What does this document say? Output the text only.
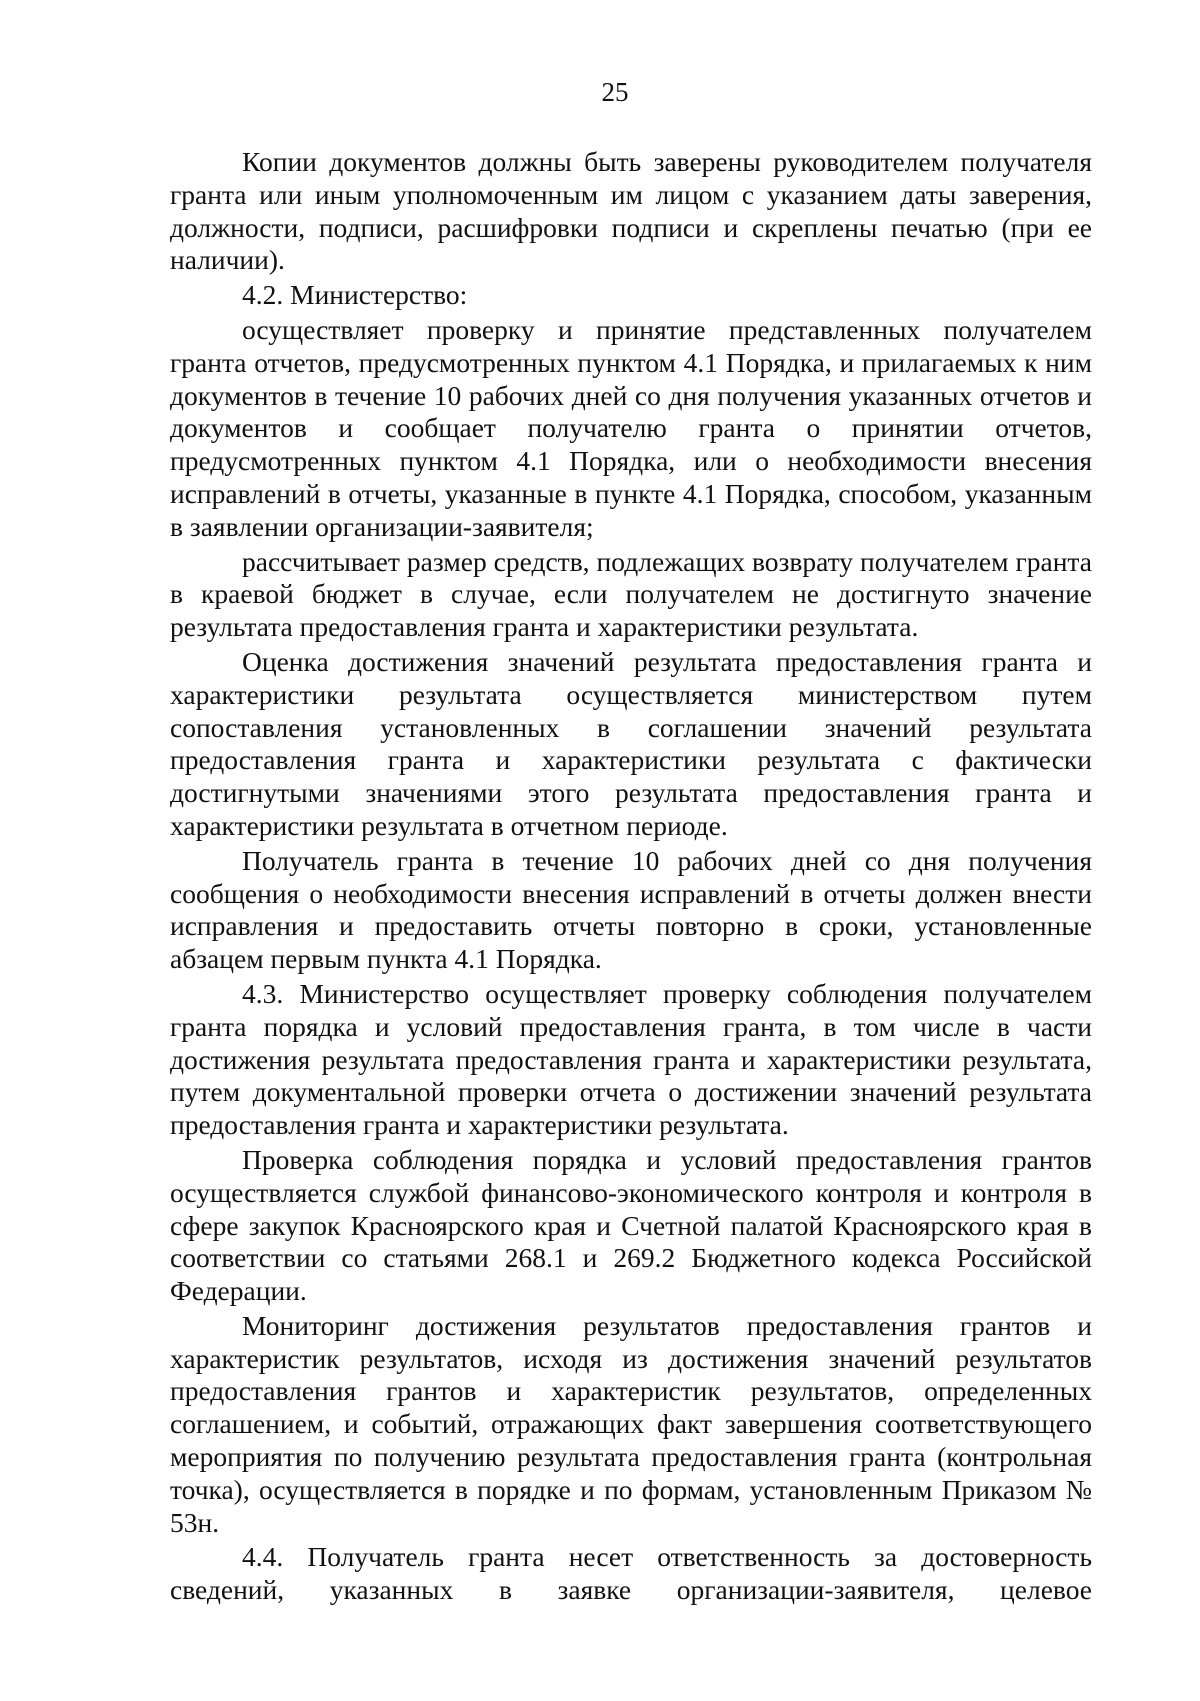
25

Копии документов должны быть заверены руководителем получателя гранта или иным уполномоченным им лицом с указанием даты заверения, должности, подписи, расшифровки подписи и скреплены печатью (при ее наличии).

4.2. Министерство:

осуществляет проверку и принятие представленных получателем гранта отчетов, предусмотренных пунктом 4.1 Порядка, и прилагаемых к ним документов в течение 10 рабочих дней со дня получения указанных отчетов и документов и сообщает получателю гранта о принятии отчетов, предусмотренных пунктом 4.1 Порядка, или о необходимости внесения исправлений в отчеты, указанные в пункте 4.1 Порядка, способом, указанным в заявлении организации-заявителя;

рассчитывает размер средств, подлежащих возврату получателем гранта в краевой бюджет в случае, если получателем не достигнуто значение результата предоставления гранта и характеристики результата.

Оценка достижения значений результата предоставления гранта и характеристики результата осуществляется министерством путем сопоставления установленных в соглашении значений результата предоставления гранта и характеристики результата с фактически достигнутыми значениями этого результата предоставления гранта и характеристики результата в отчетном периоде.

Получатель гранта в течение 10 рабочих дней со дня получения сообщения о необходимости внесения исправлений в отчеты должен внести исправления и предоставить отчеты повторно в сроки, установленные абзацем первым пункта 4.1 Порядка.

4.3. Министерство осуществляет проверку соблюдения получателем гранта порядка и условий предоставления гранта, в том числе в части достижения результата предоставления гранта и характеристики результата, путем документальной проверки отчета о достижении значений результата предоставления гранта и характеристики результата.

Проверка соблюдения порядка и условий предоставления грантов осуществляется службой финансово-экономического контроля и контроля в сфере закупок Красноярского края и Счетной палатой Красноярского края в соответствии со статьями 268.1 и 269.2 Бюджетного кодекса Российской Федерации.

Мониторинг достижения результатов предоставления грантов и характеристик результатов, исходя из достижения значений результатов предоставления грантов и характеристик результатов, определенных соглашением, и событий, отражающих факт завершения соответствующего мероприятия по получению результата предоставления гранта (контрольная точка), осуществляется в порядке и по формам, установленным Приказом № 53н.

4.4. Получатель гранта несет ответственность за достоверность сведений, указанных в заявке организации-заявителя, целевое
